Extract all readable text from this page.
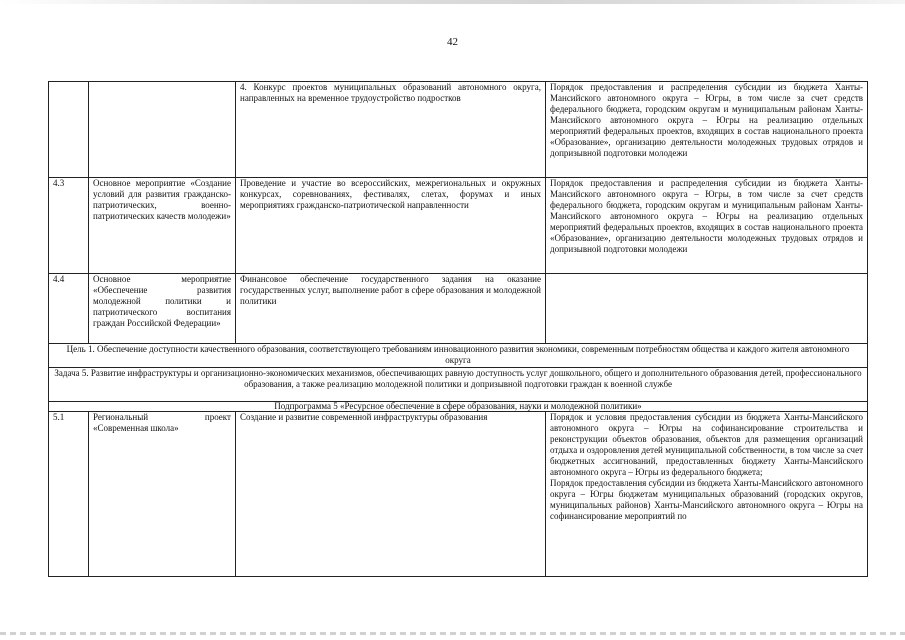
42
		4. Конкурс проектов муниципальных образований автономного округа, направленных на временное трудоустройство подростков	Порядок предоставления и распределения субсидии из бюджета Ханты-Мансийского автономного округа – Югры, в том числе за счет средств федерального бюджета, городским округам и муниципальным районам Ханты-Мансийского автономного округа – Югры на реализацию отдельных мероприятий федеральных проектов, входящих в состав национального проекта «Образование», организацию деятельности молодежных трудовых отрядов и допризывной подготовки молодежи
4.3	Основное мероприятие «Создание условий для развития гражданско-патриотических, военно-патриотических качеств молодежи»	Проведение и участие во всероссийских, межрегиональных и окружных конкурсах, соревнованиях, фестивалях, слетах, форумах и иных мероприятиях гражданско-патриотической направленности	Порядок предоставления и распределения субсидии из бюджета Ханты-Мансийского автономного округа – Югры, в том числе за счет средств федерального бюджета, городским округам и муниципальным районам Ханты-Мансийского автономного округа – Югры на реализацию отдельных мероприятий федеральных проектов, входящих в состав национального проекта «Образование», организацию деятельности молодежных трудовых отрядов и допризывной подготовки молодежи
4.4	Основное мероприятие «Обеспечение развития молодежной политики и патриотического воспитания граждан Российской Федерации»	Финансовое обеспечение государственного задания на оказание государственных услуг, выполнение работ в сфере образования и молодежной политики	
Цель 1. Обеспечение доступности качественного образования, соответствующего требованиям инновационного развития экономики, современным потребностям общества и каждого жителя автономного округа			
Задача 5. Развитие инфраструктуры и организационно-экономических механизмов, обеспечивающих равную доступность услуг дошкольного, общего и дополнительного образования детей, профессионального образования, а также реализацию молодежной политики и допризывной подготовки граждан к военной службе			
Подпрограмма 5 «Ресурсное обеспечение в сфере образования, науки и молодежной политики»			
5.1	Региональный проект «Современная школа»	Создание и развитие современной инфраструктуры образования	Порядок и условия предоставления субсидии из бюджета Ханты-Мансийского автономного округа – Югры на софинансирование строительства и реконструкции объектов образования, объектов для размещения организаций отдыха и оздоровления детей муниципальной собственности, в том числе за счет бюджетных ассигнований, предоставленных бюджету Ханты-Мансийского автономного округа – Югры из федерального бюджета;
Порядок предоставления субсидии из бюджета Ханты-Мансийского автономного округа – Югры бюджетам муниципальных образований (городских округов, муниципальных районов) Ханты-Мансийского автономного округа – Югры на софинансирование мероприятий по
